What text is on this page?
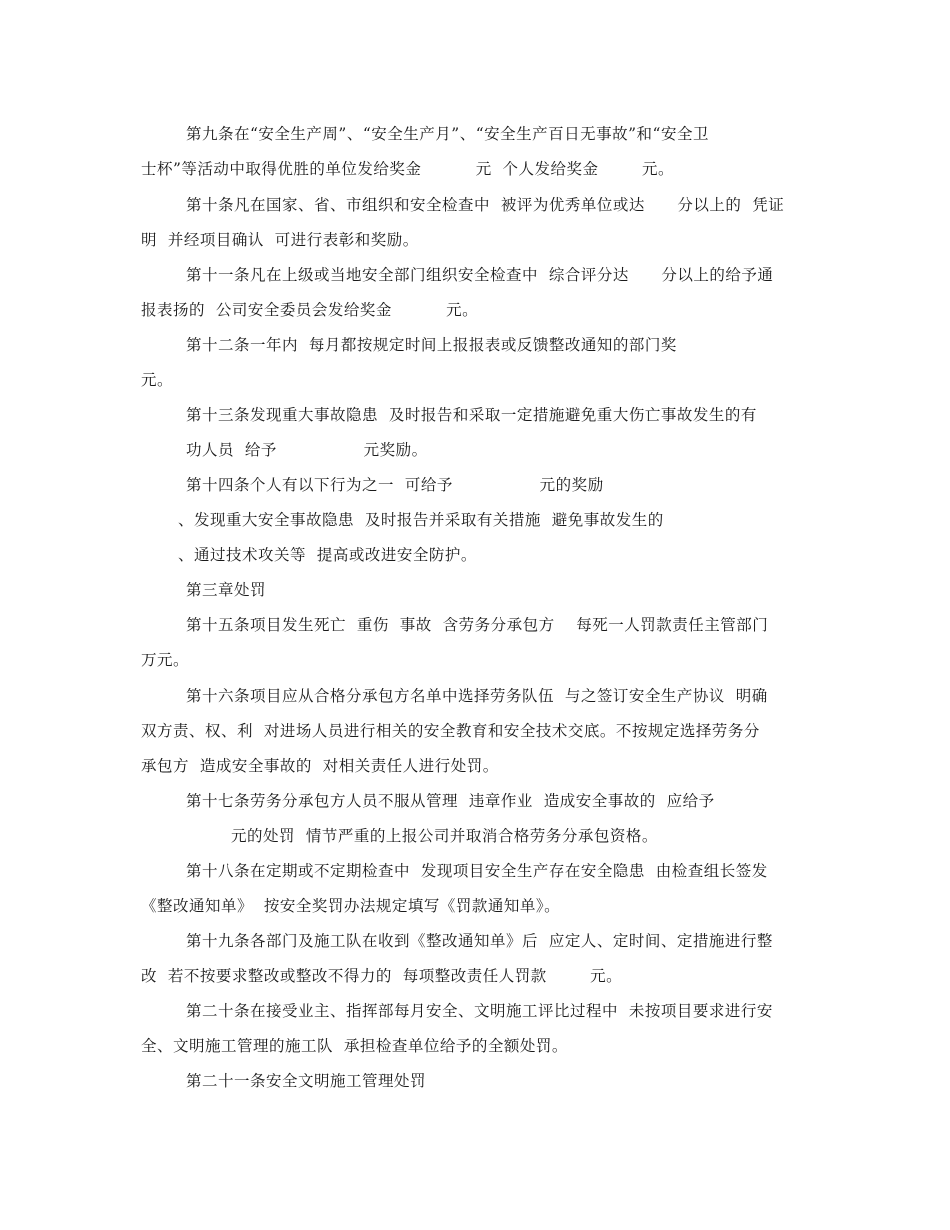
第九条在“安全生产周”、“安全生产月”、“安全生产百日无事故”和“安全卫
士杯”等活动中取得优胜的单位发给奖金          元  个人发给奖金        元。
第十条凡在国家、省、市组织和安全检查中  被评为优秀单位或达      分以上的  凭证
明  并经项目确认  可进行表彰和奖励。
第十一条凡在上级或当地安全部门组织安全检查中  综合评分达      分以上的给予通
报表扬的  公司安全委员会发给奖金          元。
第十二条一年内  每月都按规定时间上报报表或反馈整改通知的部门奖
元。
第十三条发现重大事故隐患  及时报告和采取一定措施避免重大伤亡事故发生的有
功人员  给予                元奖励。
第十四条个人有以下行为之一  可给予                元的奖励
、发现重大安全事故隐患  及时报告并采取有关措施  避免事故发生的
、通过技术攻关等  提高或改进安全防护。
第三章处罚
第十五条项目发生死亡  重伤  事故  含劳务分承包方    每死一人罚款责任主管部门
万元。
第十六条项目应从合格分承包方名单中选择劳务队伍  与之签订安全生产协议  明确
双方责、权、利  对进场人员进行相关的安全教育和安全技术交底。不按规定选择劳务分
承包方  造成安全事故的  对相关责任人进行处罚。
第十七条劳务分承包方人员不服从管理  违章作业  造成安全事故的  应给予
元的处罚  情节严重的上报公司并取消合格劳务分承包资格。
第十八条在定期或不定期检查中  发现项目安全生产存在安全隐患  由检查组长签发
《整改通知单》  按安全奖罚办法规定填写《罚款通知单》。
第十九条各部门及施工队在收到《整改通知单》后  应定人、定时间、定措施进行整
改  若不按要求整改或整改不得力的  每项整改责任人罚款        元。
第二十条在接受业主、指挥部每月安全、文明施工评比过程中  未按项目要求进行安
全、文明施工管理的施工队  承担检查单位给予的全额处罚。
第二十一条安全文明施工管理处罚
